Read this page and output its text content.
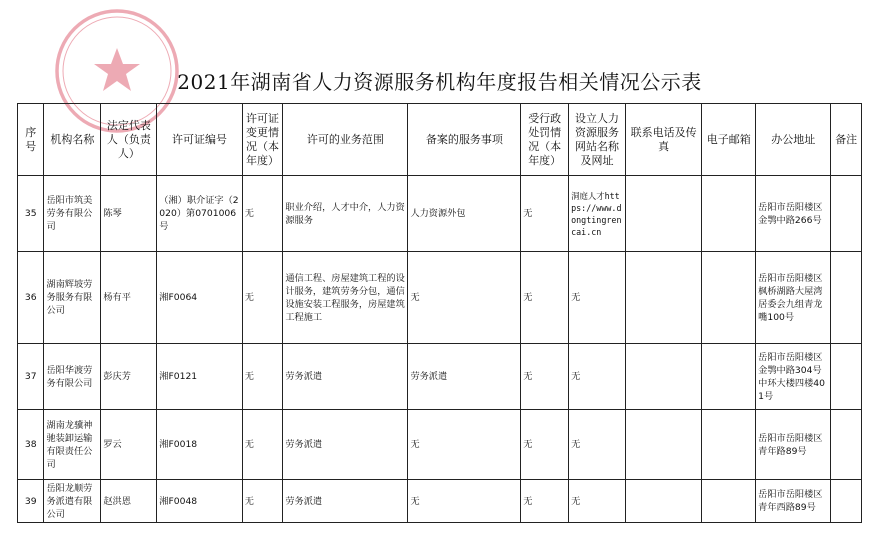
2021年湖南省人力资源服务机构年度报告相关情况公示表
序号	机构名称	法定代表人（负责人）	许可证编号	许可证变更情况（本年度）	许可的业务范围	备案的服务事项	受行政处罚情况（本年度）	设立人力资源服务网站名称及网址	联系电话及传真	电子邮箱	办公地址	备注
35	岳阳市筑美劳务有限公司	陈琴	（湘）职介证字（2020）第0701006号	无	职业介绍，人才中介，人力资源服务	人力资源外包	无	洞庭人才https://www.dongtingrencai.cn			岳阳市岳阳楼区金鹗中路266号	
36	湖南辉坡劳务服务有限公司	杨有平	湘F0064	无	通信工程、房屋建筑工程的设计服务，建筑劳务分包，通信设施安装工程服务，房屋建筑工程施工	无	无	无			岳阳市岳阳楼区枫桥湖路大屋湾居委会九组青龙嘴100号	
37	岳阳华渡劳务有限公司	彭庆芳	湘F0121	无	劳务派遣	劳务派遣	无	无			岳阳市岳阳楼区金鹗中路304号中环大楼四楼401号	
38	湖南龙骥神驰装卸运输有限责任公司	罗云	湘F0018	无	劳务派遣	无	无	无			岳阳市岳阳楼区青年路89号	
39	岳阳龙顺劳务派遣有限公司	赵洪恩	湘F0048	无	劳务派遣	无	无	无			岳阳市岳阳楼区青年西路89号	
